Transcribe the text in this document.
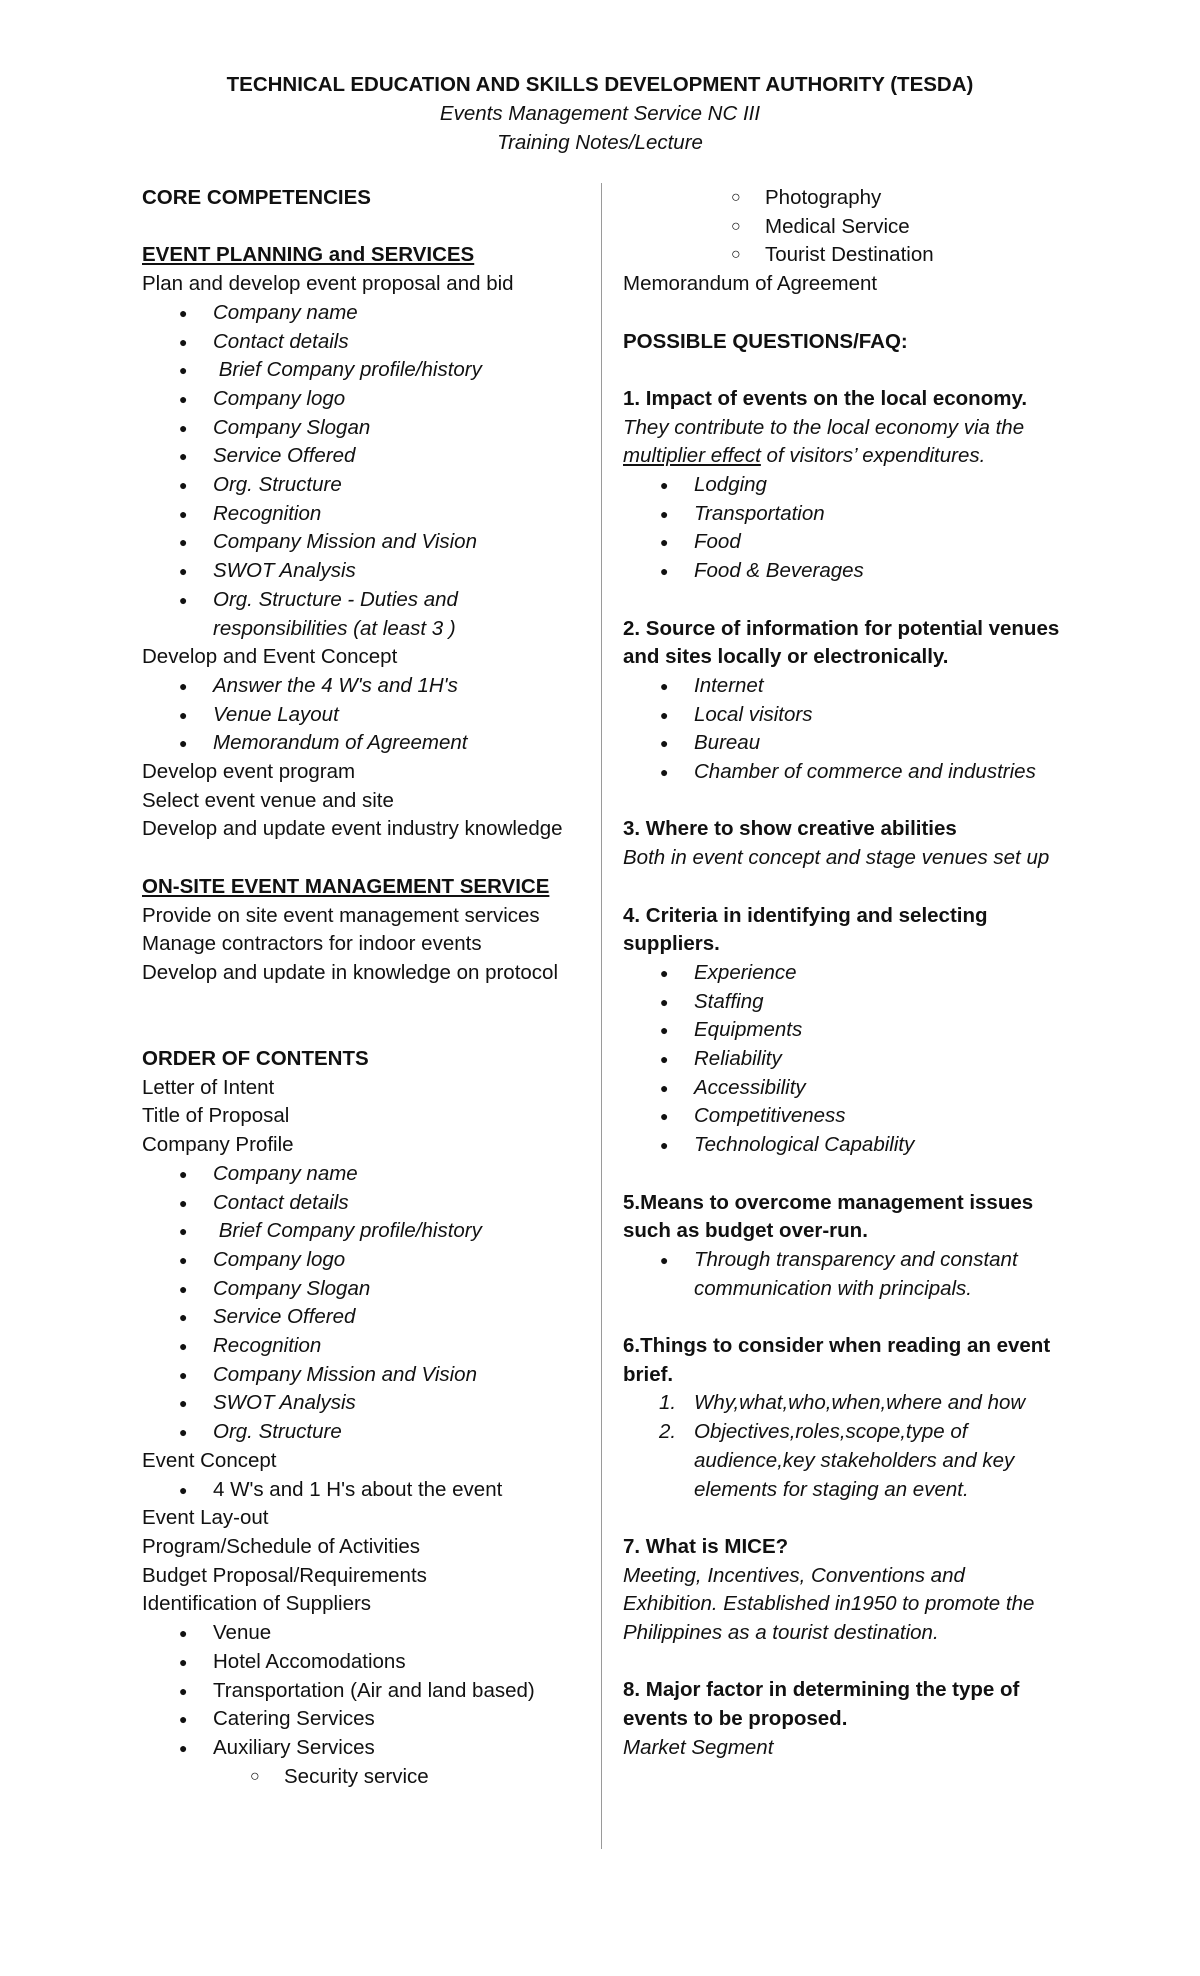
TECHNICAL EDUCATION AND SKILLS DEVELOPMENT AUTHORITY (TESDA)
Events Management Service NC III
Training Notes/Lecture
CORE COMPETENCIES
EVENT PLANNING and SERVICES
Plan and develop event proposal and bid
● Company name
● Contact details
●  Brief Company profile/history
● Company logo
● Company Slogan
● Service Offered
● Org. Structure
● Recognition
● Company Mission and Vision
● SWOT Analysis
● Org. Structure - Duties and responsibilities (at least 3 )
Develop and Event Concept
● Answer the 4 W's and 1H's
● Venue Layout
● Memorandum of Agreement
Develop event program
Select event venue and site
Develop and update event industry knowledge
ON-SITE EVENT MANAGEMENT SERVICE
Provide on site event management services
Manage contractors for indoor events
Develop and update in knowledge on protocol
ORDER OF CONTENTS
Letter of Intent
Title of Proposal
Company Profile
● Company name
● Contact details
●  Brief Company profile/history
● Company logo
● Company Slogan
● Service Offered
● Recognition
● Company Mission and Vision
● SWOT Analysis
● Org. Structure
Event Concept
● 4 W's and 1 H's about the event
Event Lay-out
Program/Schedule of Activities
Budget Proposal/Requirements
Identification of Suppliers
● Venue
● Hotel Accomodations
● Transportation (Air and land based)
● Catering Services
● Auxiliary Services
○ Security service
○ Photography
○ Medical Service
○ Tourist Destination
Memorandum of Agreement
POSSIBLE QUESTIONS/FAQ:
1. Impact of events on the local economy.
They contribute to the local economy via the multiplier effect of visitors’ expenditures.
● Lodging
● Transportation
● Food
● Food & Beverages
2. Source of information for potential venues and sites locally or electronically.
● Internet
● Local visitors
● Bureau
● Chamber of commerce and industries
3. Where to show creative abilities
Both in event concept and stage venues set up
4. Criteria in identifying and selecting suppliers.
● Experience
● Staffing
● Equipments
● Reliability
● Accessibility
● Competitiveness
● Technological Capability
5.Means to overcome management issues such as budget over-run.
● Through transparency and constant communication with principals.
6.Things to consider when reading an event brief.
1. Why,what,who,when,where and how
2. Objectives,roles,scope,type of audience,key stakeholders and key elements for staging an event.
7. What is MICE?
Meeting, Incentives, Conventions and Exhibition. Established in1950 to promote the Philippines as a tourist destination.
8. Major factor in determining the type of events to be proposed.
Market Segment
